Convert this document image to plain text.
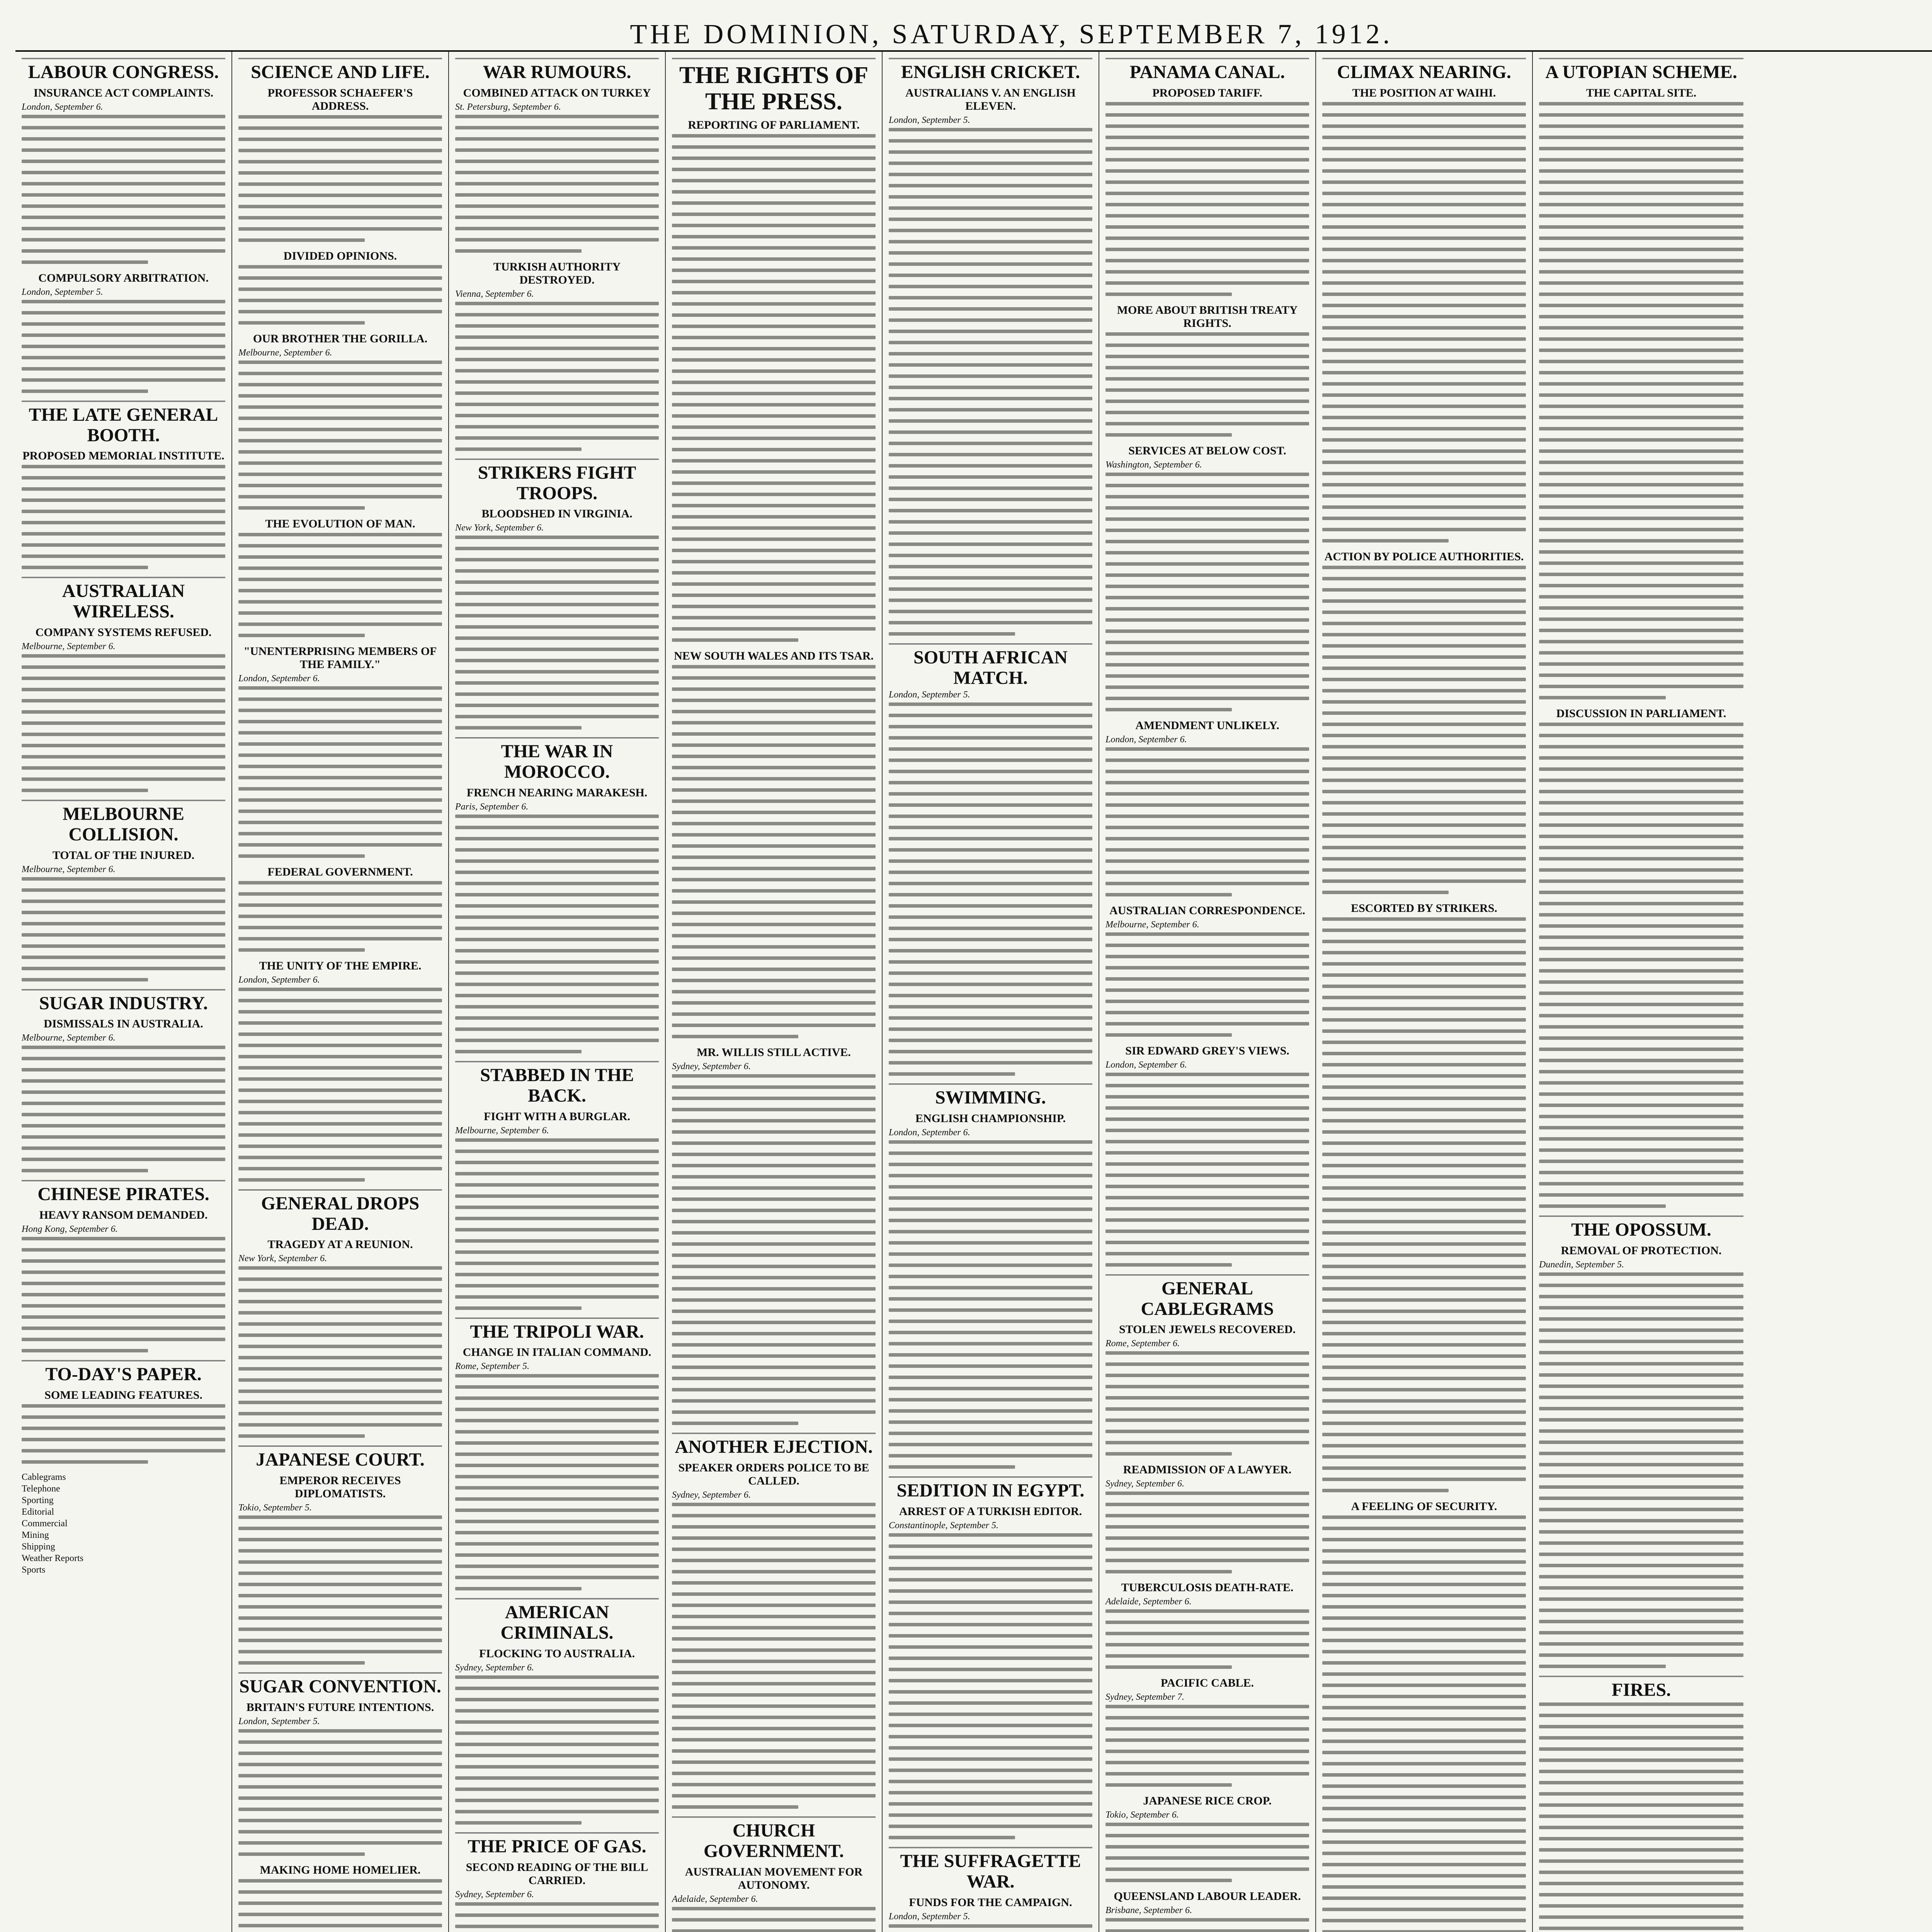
THE DOMINION, SATURDAY, SEPTEMBER 7, 1912.
LABOUR CONGRESS.
INSURANCE ACT COMPLAINTS.
London, September 6.
COMPULSORY ARBITRATION.
London, September 5.
THE LATE GENERAL BOOTH.
PROPOSED MEMORIAL INSTITUTE.
AUSTRALIAN WIRELESS.
COMPANY SYSTEMS REFUSED.
Melbourne, September 6.
MELBOURNE COLLISION.
TOTAL OF THE INJURED.
Melbourne, September 6.
SUGAR INDUSTRY.
DISMISSALS IN AUSTRALIA.
Melbourne, September 6.
CHINESE PIRATES.
HEAVY RANSOM DEMANDED.
Hong Kong, September 6.
TO-DAY'S PAPER.
SOME LEADING FEATURES.
Cablegrams
Telephone
Sporting
Editorial
Commercial
Mining
Shipping
Weather Reports
Sports
SCIENCE AND LIFE.
PROFESSOR SCHAEFER'S ADDRESS.
DIVIDED OPINIONS.
OUR BROTHER THE GORILLA.
Melbourne, September 6.
THE EVOLUTION OF MAN.
"UNENTERPRISING MEMBERS OF THE FAMILY."
London, September 6.
FEDERAL GOVERNMENT.
THE UNITY OF THE EMPIRE.
London, September 6.
GENERAL DROPS DEAD.
TRAGEDY AT A REUNION.
New York, September 6.
JAPANESE COURT.
EMPEROR RECEIVES DIPLOMATISTS.
Tokio, September 5.
SUGAR CONVENTION.
BRITAIN'S FUTURE INTENTIONS.
London, September 5.
MAKING HOME HOMELIER.
WAR RUMOURS.
COMBINED ATTACK ON TURKEY
St. Petersburg, September 6.
TURKISH AUTHORITY DESTROYED.
Vienna, September 6.
STRIKERS FIGHT TROOPS.
BLOODSHED IN VIRGINIA.
New York, September 6.
THE WAR IN MOROCCO.
FRENCH NEARING MARAKESH.
Paris, September 6.
STABBED IN THE BACK.
FIGHT WITH A BURGLAR.
Melbourne, September 6.
THE TRIPOLI WAR.
CHANGE IN ITALIAN COMMAND.
Rome, September 5.
AMERICAN CRIMINALS.
FLOCKING TO AUSTRALIA.
Sydney, September 6.
THE PRICE OF GAS.
SECOND READING OF THE BILL CARRIED.
Sydney, September 6.
THE RIGHTS OF THE PRESS.
REPORTING OF PARLIAMENT.
NEW SOUTH WALES AND ITS TSAR.
MR. WILLIS STILL ACTIVE.
Sydney, September 6.
ANOTHER EJECTION.
SPEAKER ORDERS POLICE TO BE CALLED.
Sydney, September 6.
CHURCH GOVERNMENT.
AUSTRALIAN MOVEMENT FOR AUTONOMY.
Adelaide, September 6.
ENGLISH CRICKET.
AUSTRALIANS V. AN ENGLISH ELEVEN.
London, September 5.
SOUTH AFRICAN MATCH.
London, September 5.
SWIMMING.
ENGLISH CHAMPIONSHIP.
London, September 6.
SEDITION IN EGYPT.
ARREST OF A TURKISH EDITOR.
Constantinople, September 5.
THE SUFFRAGETTE WAR.
FUNDS FOR THE CAMPAIGN.
London, September 5.
PANAMA CANAL.
PROPOSED TARIFF.
MORE ABOUT BRITISH TREATY RIGHTS.
SERVICES AT BELOW COST.
Washington, September 6.
AMENDMENT UNLIKELY.
London, September 6.
AUSTRALIAN CORRESPONDENCE.
Melbourne, September 6.
SIR EDWARD GREY'S VIEWS.
London, September 6.
GENERAL CABLEGRAMS
STOLEN JEWELS RECOVERED.
Rome, September 6.
READMISSION OF A LAWYER.
Sydney, September 6.
TUBERCULOSIS DEATH-RATE.
Adelaide, September 6.
PACIFIC CABLE.
Sydney, September 7.
JAPANESE RICE CROP.
Tokio, September 6.
QUEENSLAND LABOUR LEADER.
Brisbane, September 6.
CLIMAX NEARING.
THE POSITION AT WAIHI.
ACTION BY POLICE AUTHORITIES.
ESCORTED BY STRIKERS.
A FEELING OF SECURITY.
A UTOPIAN SCHEME.
THE CAPITAL SITE.
DISCUSSION IN PARLIAMENT.
THE OPOSSUM.
REMOVAL OF PROTECTION.
Dunedin, September 5.
FIRES.
